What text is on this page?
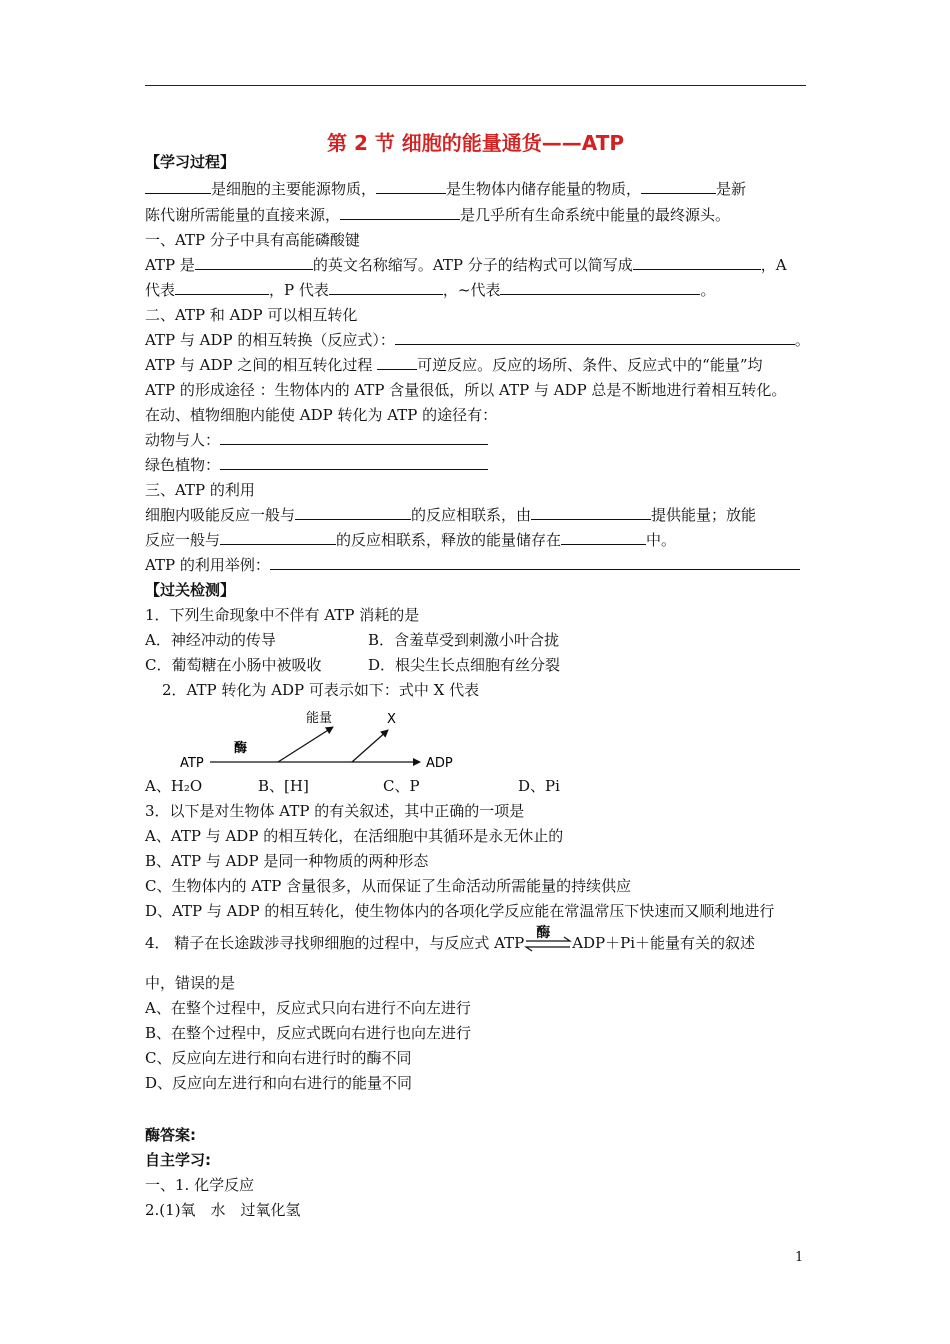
第 2 节 细胞的能量通货——ATP
【学习过程】
是细胞的主要能源物质，	是生物体内储存能量的物质，	是新
陈代谢所需能量的直接来源，	是几乎所有生命系统中能量的最终源头。
一、ATP 分子中具有高能磷酸键
ATP 是	的英文名称缩写。ATP 分子的结构式可以简写成	，A
代表	，P 代表	，~代表	。
二、ATP 和 ADP 可以相互转化
ATP 与 ADP 的相互转换（反应式）：	。
ATP 与 ADP 之间的相互转化过程	可逆反应。反应的场所、条件、反应式中的“能量”均
ATP 的形成途径 ：生物体内的 ATP 含量很低，所以 ATP 与 ADP 总是不断地进行着相互转化。
在动、植物细胞内能使 ADP 转化为 ATP 的途径有：
动物与人：
绿色植物：
三、ATP 的利用
细胞内吸能反应一般与	的反应相联系，由	提供能量；放能
反应一般与	的反应相联系，释放的能量储存在	中。
ATP 的利用举例：
【过关检测】
1．下列生命现象中不伴有 ATP 消耗的是
A．神经冲动的传导	B．含羞草受到刺激小叶合拢
C．葡萄糖在小肠中被吸收	D．根尖生长点细胞有丝分裂
2．ATP 转化为 ADP 可表示如下：式中 X 代表
ATP	ADP
酶
能量	X
A、H₂O	B、[H]	C、P	D、Pi
3．以下是对生物体 ATP 的有关叙述，其中正确的一项是
A、ATP 与 ADP 的相互转化，在活细胞中其循环是永无休止的
B、ATP 与 ADP 是同一种物质的两种形态
C、生物体内的 ATP 含量很多，从而保证了生命活动所需能量的持续供应
D、ATP 与 ADP 的相互转化，使生物体内的各项化学反应能在常温常压下快速而又顺利地进行
4． 精子在长途跋涉寻找卵细胞的过程中，与反应式 ATP
酶
ADP＋Pi＋能量有关的叙述
中，错误的是
A、在整个过程中，反应式只向右进行不向左进行
B、在整个过程中，反应式既向右进行也向左进行
C、反应向左进行和向右进行时的酶不同
D、反应向左进行和向右进行的能量不同
酶答案:
自主学习:
一、1. 化学反应
2.(1)氧　水　过氧化氢
1
